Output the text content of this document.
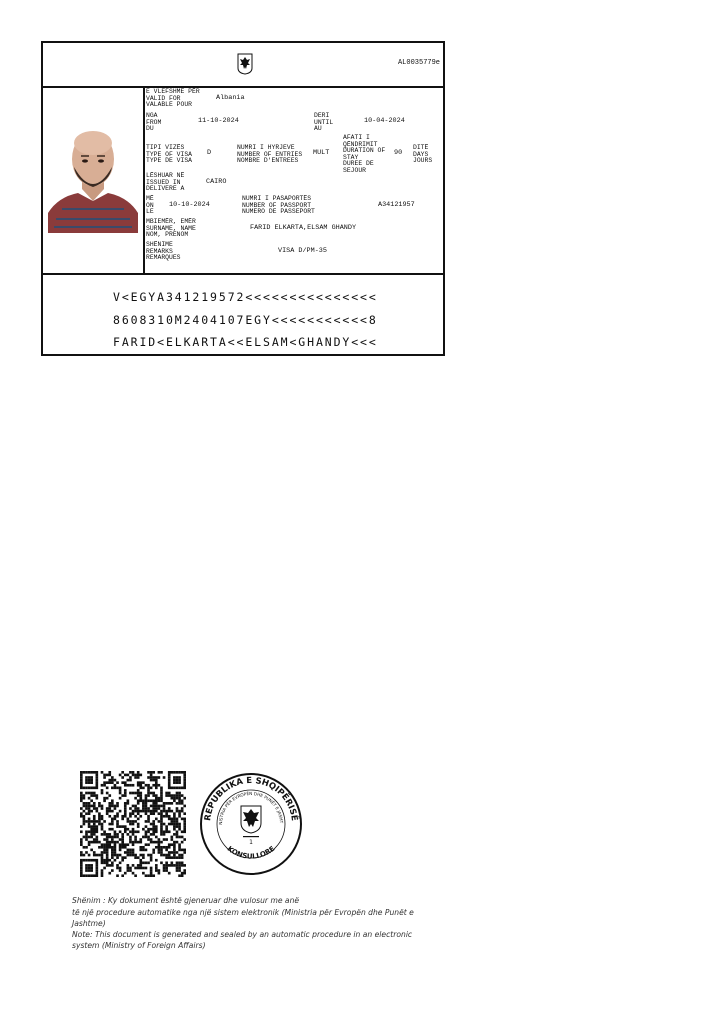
AL0035779e
E VLEFSHME PËR
VALID FOR
VALABLE POUR
Albania
NGA
FROM
DU
11-10-2024
DERI
UNTIL
AU
10-04-2024
TIPI VIZËS
TYPE OF VISA
TYPE DE VISA
D
NUMRI I HYRJEVE
NUMBER OF ENTRIES
NOMBRE D'ENTREES
MULT
AFATI I
QËNDRIMIT
DURATION OF
STAY
DUREE DE
SEJOUR
90
DITË
DAYS
JOURS
LËSHUAR NË
ISSUED IN
DELIVERE A
CAIRO
MË
ON
LE
10-10-2024
NUMRI I PASAPORTËS
NUMBER OF PASSPORT
NUMERO DE PASSEPORT
A34121957
MBIEMËR, EMËR
SURNAME, NAME
NOM, PRENOM
FARID ELKARTA,ELSAM GHANDY
SHËNIME
REMARKS
REMARQUES
VISA D/PM-35
V<EGYA341219572<<<<<<<<<<<<<<<
8608310M2404107EGY<<<<<<<<<<<8
FARID<ELKARTA<<ELSAM<GHANDY<<<
REPUBLIKA E SHQIPËRISË
NISTRIA PËR EVROPËN DHE PUNËT E JASHT
KONSULLORE
1
Shënim : Ky dokument është gjeneruar dhe vulosur me anë
të një procedure automatike nga një sistem elektronik (Ministria për Evropën dhe Punët e
Jashtme)
Note: This document is generated and sealed by an automatic procedure in an electronic
system (Ministry of Foreign Affairs)
